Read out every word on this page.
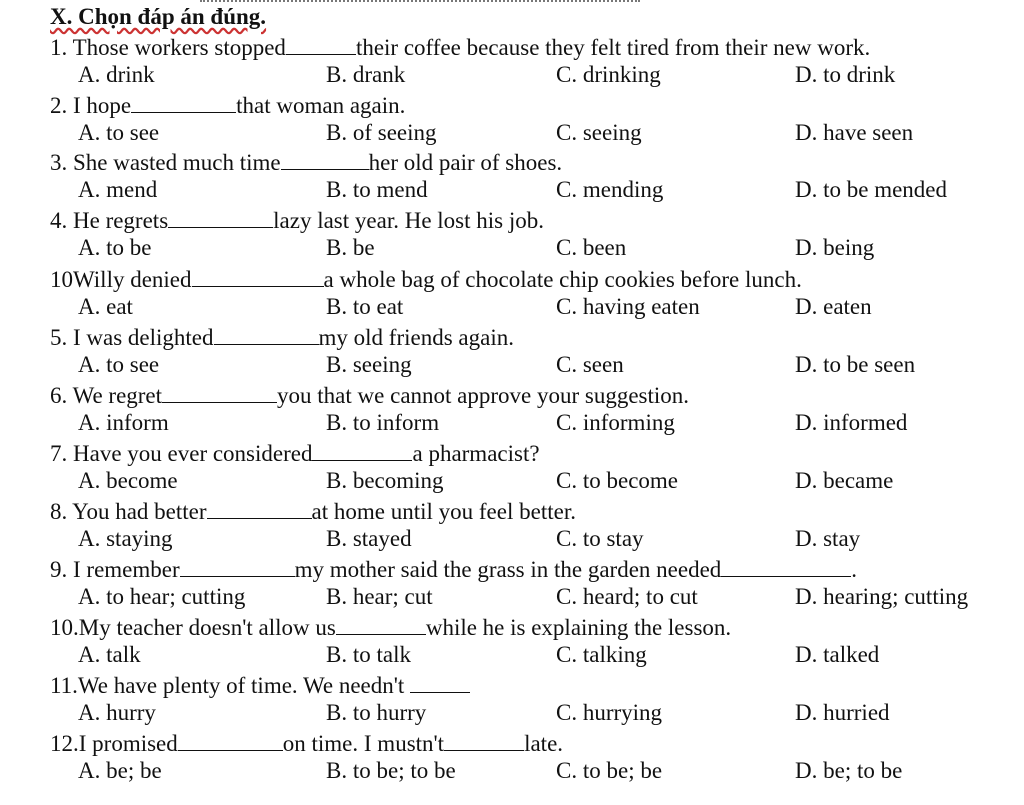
X. Chọn đáp án đúng.
1. Those workers stopped	their coffee because they felt tired from their new work.
A. drink	B. drank	C. drinking	D. to drink
2. I hope	that woman again.
A. to see	B. of seeing	C. seeing	D. have seen
3. She wasted much time	her old pair of shoes.
A. mend	B. to mend	C. mending	D. to be mended
4. He regrets	lazy last year. He lost his job.
A. to be	B. be	C. been	D. being
10Willy denied	a whole bag of chocolate chip cookies before lunch.
A. eat	B. to eat	C. having eaten	D. eaten
5. I was delighted	my old friends again.
A. to see	B. seeing	C. seen	D. to be seen
6. We regret	you that we cannot approve your suggestion.
A. inform	B. to inform	C. informing	D. informed
7. Have you ever considered	a pharmacist?
A. become	B. becoming	C. to become	D. became
8. You had better	at home until you feel better.
A. staying	B. stayed	C. to stay	D. stay
9. I remember	my mother said the grass in the garden needed	.
A. to hear; cutting	B. hear; cut	C. heard; to cut	D. hearing; cutting
10.My teacher doesn't allow us	while he is explaining the lesson.
A. talk	B. to talk	C. talking	D. talked
11.We have plenty of time. We needn't
A. hurry	B. to hurry	C. hurrying	D. hurried
12.I promised	on time. I mustn't	late.
A. be; be	B. to be; to be	C. to be; be	D. be; to be
